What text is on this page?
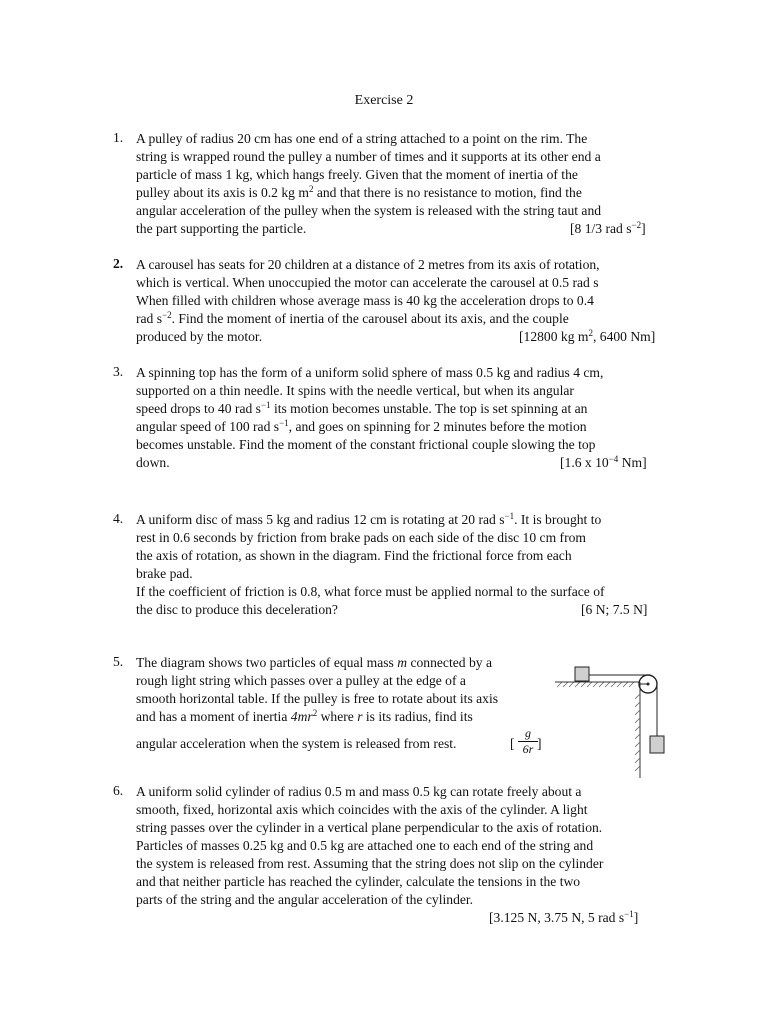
Exercise 2
1. A pulley of radius 20 cm has one end of a string attached to a point on the rim. The
string is wrapped round the pulley a number of times and it supports at its other end a
particle of mass 1 kg, which hangs freely. Given that the moment of inertia of the
pulley about its axis is 0.2 kg $m^2$ and that there is no resistance to motion, find the
angular acceleration of the pulley when the system is released with the string taut and
the part supporting the particle.	[8 1/3 rad $s^{-2}$]
2. A carousel has seats for 20 children at a distance of 2 metres from its axis of rotation,
which is vertical. When unoccupied the motor can accelerate the carousel at 0.5 rad s
When filled with children whose average mass is 40 kg the acceleration drops to 0.4
rad $s^{-2}$. Find the moment of inertia of the carousel about its axis, and the couple
produced by the motor.	[12800 kg $m^2$, 6400 Nm]
3. A spinning top has the form of a uniform solid sphere of mass 0.5 kg and radius 4 cm,
supported on a thin needle. It spins with the needle vertical, but when its angular
speed drops to 40 rad $s^{-1}$ its motion becomes unstable. The top is set spinning at an
angular speed of 100 rad $s^{-1}$, and goes on spinning for 2 minutes before the motion
becomes unstable. Find the moment of the constant frictional couple slowing the top
down.	[1.6 x $10^{-4}$ Nm]
4. A uniform disc of mass 5 kg and radius 12 cm is rotating at 20 rad $s^{-1}$. It is brought to
rest in 0.6 seconds by friction from brake pads on each side of the disc 10 cm from
the axis of rotation, as shown in the diagram. Find the frictional force from each
brake pad.
If the coefficient of friction is 0.8, what force must be applied normal to the surface of
the disc to produce this deceleration?	[6 N; 7.5 N]
5. The diagram shows two particles of equal mass m connected by a
rough light string which passes over a pulley at the edge of a
smooth horizontal table. If the pulley is free to rotate about its axis
and has a moment of inertia $4mr^2$ where r is its radius, find its
angular acceleration when the system is released from rest.	[
g
6r ]
6. A uniform solid cylinder of radius 0.5 m and mass 0.5 kg can rotate freely about a
smooth, fixed, horizontal axis which coincides with the axis of the cylinder. A light
string passes over the cylinder in a vertical plane perpendicular to the axis of rotation.
Particles of masses 0.25 kg and 0.5 kg are attached one to each end of the string and
the system is released from rest. Assuming that the string does not slip on the cylinder
and that neither particle has reached the cylinder, calculate the tensions in the two
parts of the string and the angular acceleration of the cylinder.
[3.125 N, 3.75 N, 5 rad $s^{-1}$]
